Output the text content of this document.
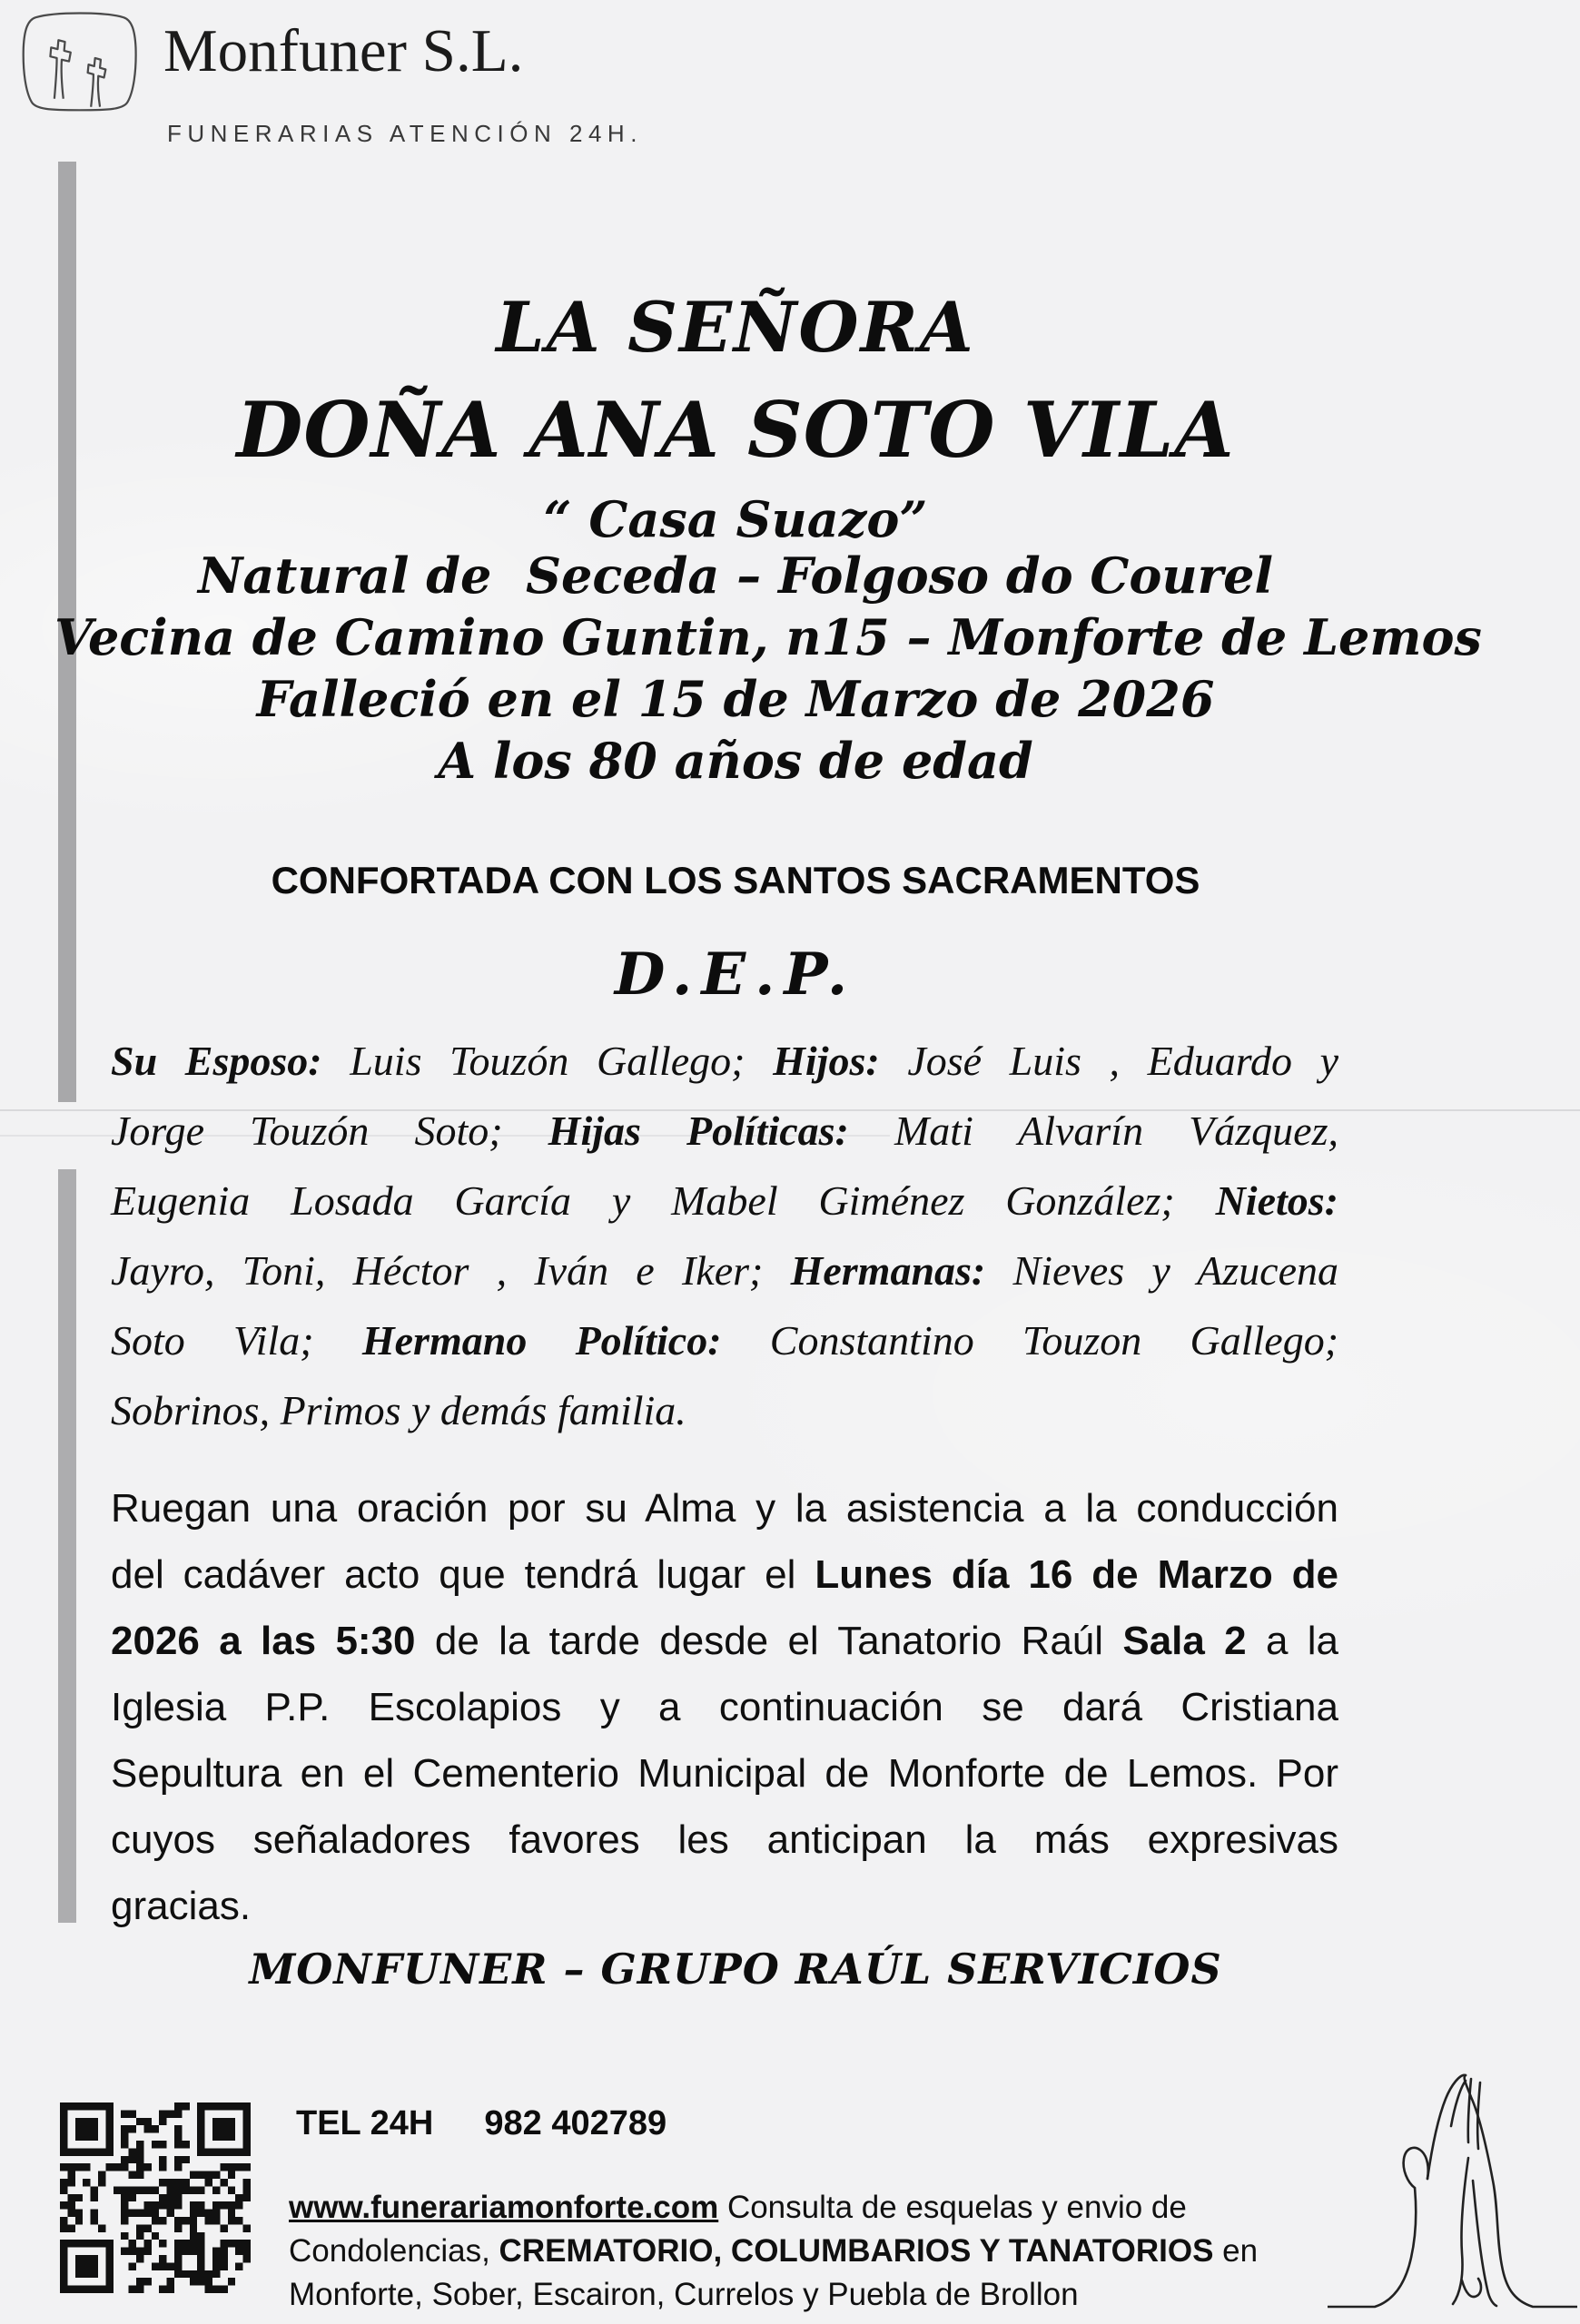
Monfuner S.L.
FUNERARIAS ATENCIÓN 24H.
LA SEÑORA
DOÑA ANA SOTO VILA
“ Casa Suazo”
Natural de  Seceda – Folgoso do Courel
Vecina de Camino Guntin, n15 – Monforte de Lemos
Falleció en el 15 de Marzo de 2026
A los 80 años de edad
CONFORTADA CON LOS SANTOS SACRAMENTOS
D.E.P.
Su Esposo: Luis Touzón Gallego; Hijos: José Luis , Eduardo y
Jorge Touzón Soto; Hijas Políticas: Mati Alvarín Vázquez,
Eugenia Losada García y Mabel Giménez González; Nietos:
Jayro, Toni, Héctor , Iván e Iker; Hermanas: Nieves y Azucena
Soto Vila; Hermano Político: Constantino Touzon Gallego;
Sobrinos, Primos y demás familia.
Ruegan una oración por su Alma y la asistencia a la conducción
del cadáver acto que tendrá lugar el Lunes día 16 de Marzo de
2026 a las 5:30 de la tarde desde el Tanatorio Raúl Sala 2 a la
Iglesia P.P. Escolapios y a continuación se dará Cristiana
Sepultura en el Cementerio Municipal de Monforte de Lemos. Por
cuyos señaladores favores les anticipan la más expresivas
gracias.
MONFUNER – GRUPO RAÚL SERVICIOS
TEL 24H 982 402789
www.funerariamonforte.com Consulta de esquelas y envio de
Condolencias, CREMATORIO, COLUMBARIOS Y TANATORIOS en
Monforte, Sober, Escairon, Currelos y Puebla de Brollon
